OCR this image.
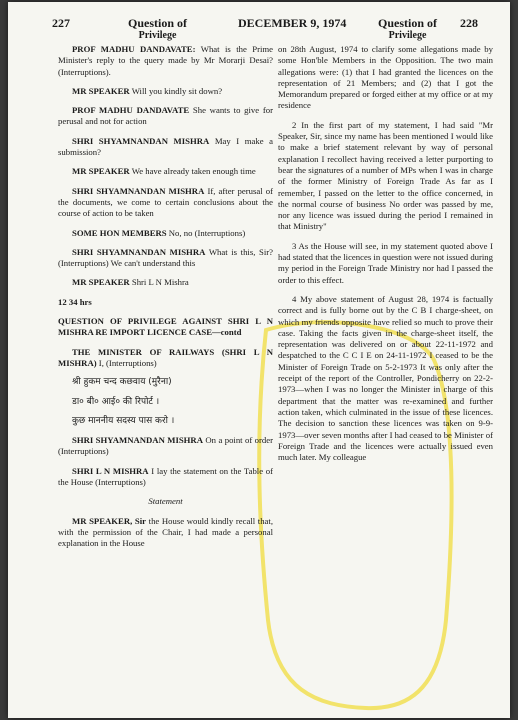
227	Question of
Privilege
DECEMBER 9, 1974	Question of
Privilege
228

PROF MADHU DANDAVATE: What is the Prime Minister's reply to the query made by Mr Morarji Desai? (Interruptions).

MR SPEAKER Will you kindly sit down?

PROF MADHU DANDAVATE She wants to give for perusal and not for action

SHRI SHYAMNANDAN MISHRA May I make a submission?

MR SPEAKER We have already taken enough time

SHRI SHYAMNANDAN MISHRA If, after perusal of the documents, we come to certain conclusions about the course of action to be taken

SOME HON MEMBERS No, no (Interruptions)

SHRI SHYAMNANDAN MISHRA What is this, Sir? (Interruptions) We can't understand this

MR SPEAKER Shri L N Mishra

12 34 hrs

QUESTION OF PRIVILEGE AGAINST SHRI L N MISHRA RE IMPORT LICENCE CASE—contd

THE MINISTER OF RAILWAYS (SHRI L N MISHRA) I, (Interruptions)

श्री हुकम चन्द कछवाय (मुरैना)
डा० बी० आई० की रिपोर्ट ।
कुछ माननीय सदस्य पास करो ।

SHRI SHYAMNANDAN MISHRA On a point of order (Interruptions)

SHRI L N MISHRA I lay the statement on the Table of the House (Interruptions)

Statement

MR SPEAKER, Sir the House would kindly recall that, with the permission of the Chair, I had made a personal explanation in the House

on 28th August, 1974 to clarify some allegations made by some Hon'ble Members in the Opposition. The two main allegations were: (1) that I had granted the licences on the representation of 21 Members; and (2) that I got the Memorandum prepared or forged either at my office or at my residence

2 In the first part of my statement, I had said "Mr Speaker, Sir, since my name has been mentioned I would like to make a brief statement relevant by way of personal explanation I recollect having received a letter purporting to bear the signatures of a number of MPs when I was in charge of the former Ministry of Foreign Trade As far as I remember, I passed on the letter to the office concerned, in the normal course of business No order was passed by me, nor any licence was issued during the period I remained in that Ministry"

3 As the House will see, in my statement quoted above I had stated that the licences in question were not issued during my period in the Foreign Trade Ministry nor had I passed the order to this effect.

4 My above statement of August 28, 1974 is factually correct and is fully borne out by the C B I charge-sheet, on which my friends opposite have relied so much to prove their case. Taking the facts given in the charge-sheet itself, the representation was delivered on or about 22-11-1972 and despatched to the C C I E on 24-11-1972 I ceased to be the Minister of Foreign Trade on 5-2-1973 It was only after the receipt of the report of the Controller, Pondicherry on 22-2-1973—when I was no longer the Minister in charge of this department that the matter was re-examined and further action taken, which culminated in the issue of these licences. The decision to sanction these licences was taken on 9-9-1973—over seven months after I had ceased to be Minister of Foreign Trade and the licences were actually issued even much later. My colleague
